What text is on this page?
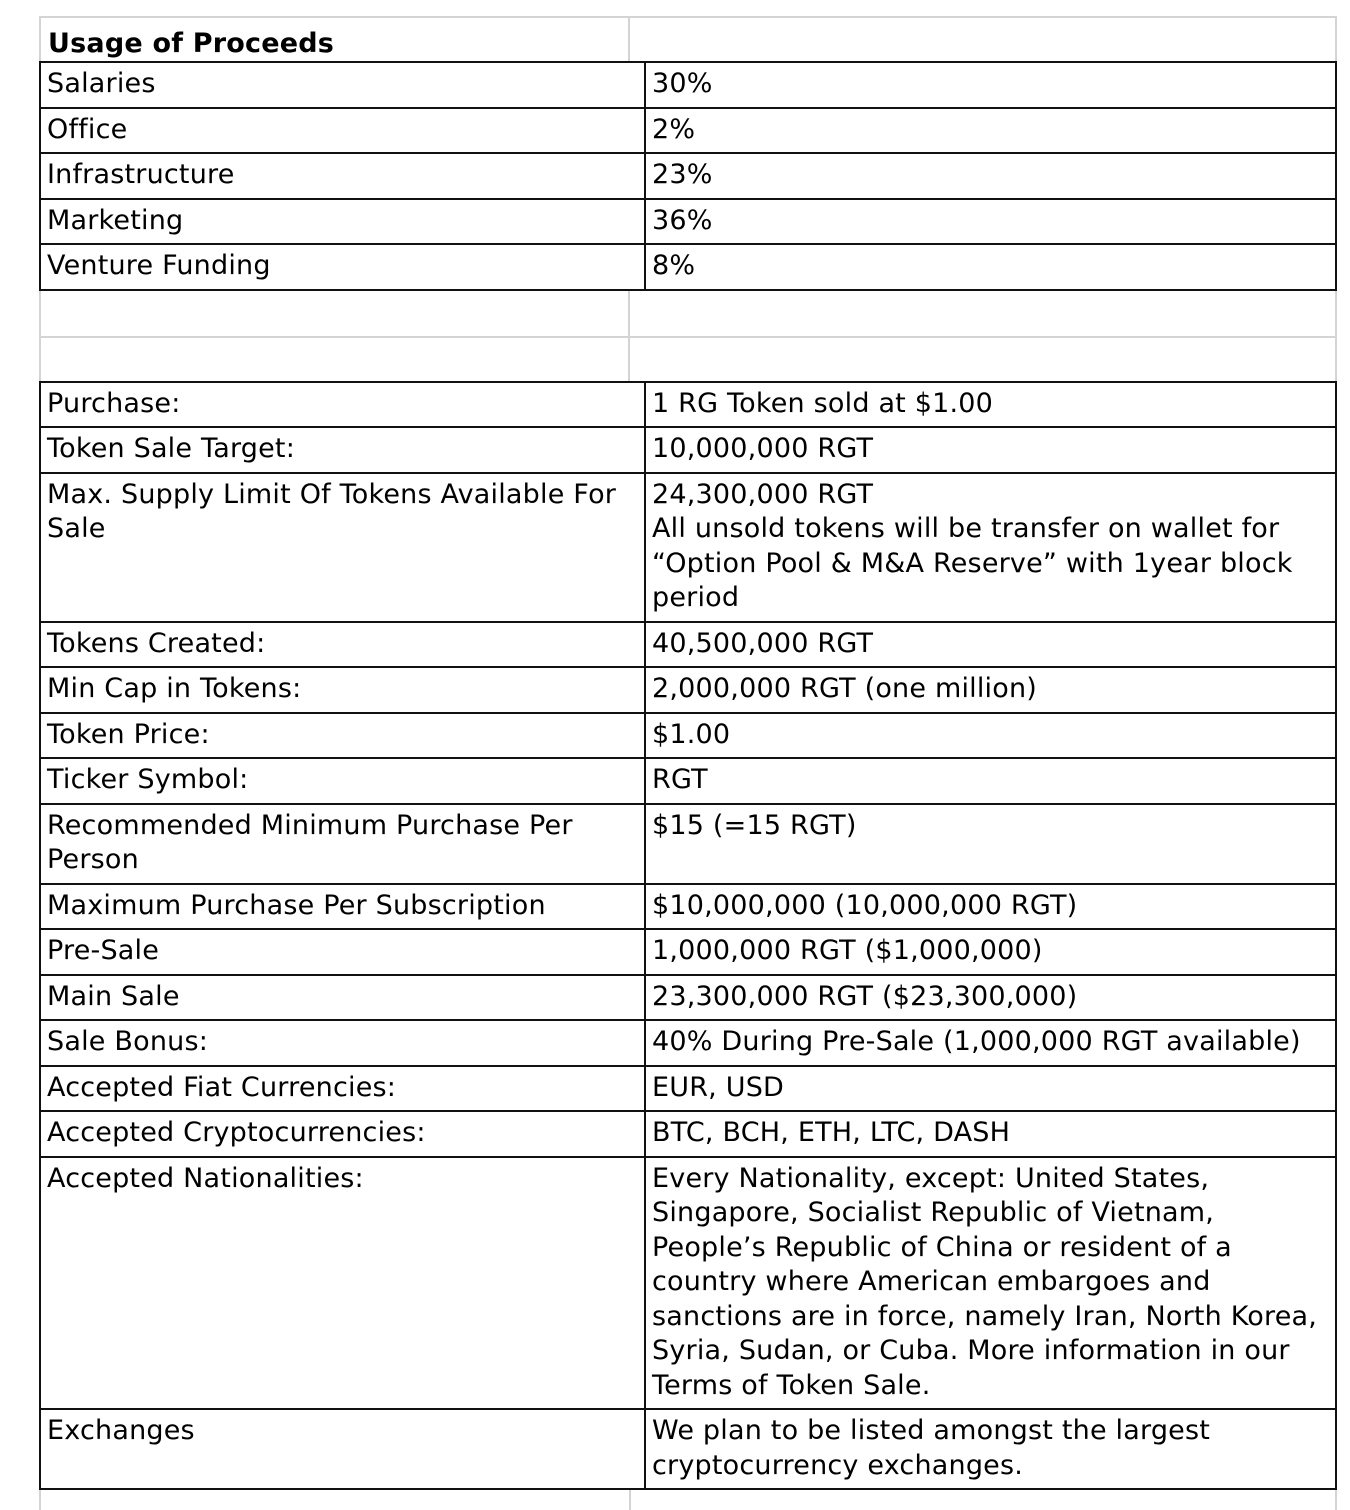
Usage of Proceeds
Salaries	30%
Office	2%
Infrastructure	23%
Marketing	36%
Venture Funding	8%
Purchase:	1 RG Token sold at $1.00
Token Sale Target:	10,000,000 RGT
Max. Supply Limit Of Tokens Available For Sale	24,300,000 RGT
All unsold tokens will be transfer on wallet for “Option Pool & M&A Reserve” with 1year block period

Tokens Created:	40,500,000 RGT
Min Cap in Tokens:	2,000,000 RGT (one million)
Token Price:	$1.00
Ticker Symbol:	RGT
Recommended Minimum Purchase Per Person	$15 (=15 RGT)
Maximum Purchase Per Subscription	$10,000,000 (10,000,000 RGT)
Pre-Sale	1,000,000 RGT ($1,000,000)
Main Sale	23,300,000 RGT ($23,300,000)
Sale Bonus:	40% During Pre-Sale (1,000,000 RGT available)
Accepted Fiat Currencies:	EUR, USD
Accepted Cryptocurrencies:	BTC, BCH, ETH, LTC, DASH
Accepted Nationalities:	Every Nationality, except: United States, Singapore, Socialist Republic of Vietnam, People’s Republic of China or resident of a country where American embargoes and sanctions are in force, namely Iran, North Korea, Syria, Sudan, or Cuba. More information in our Terms of Token Sale.
Exchanges	We plan to be listed amongst the largest cryptocurrency exchanges.
